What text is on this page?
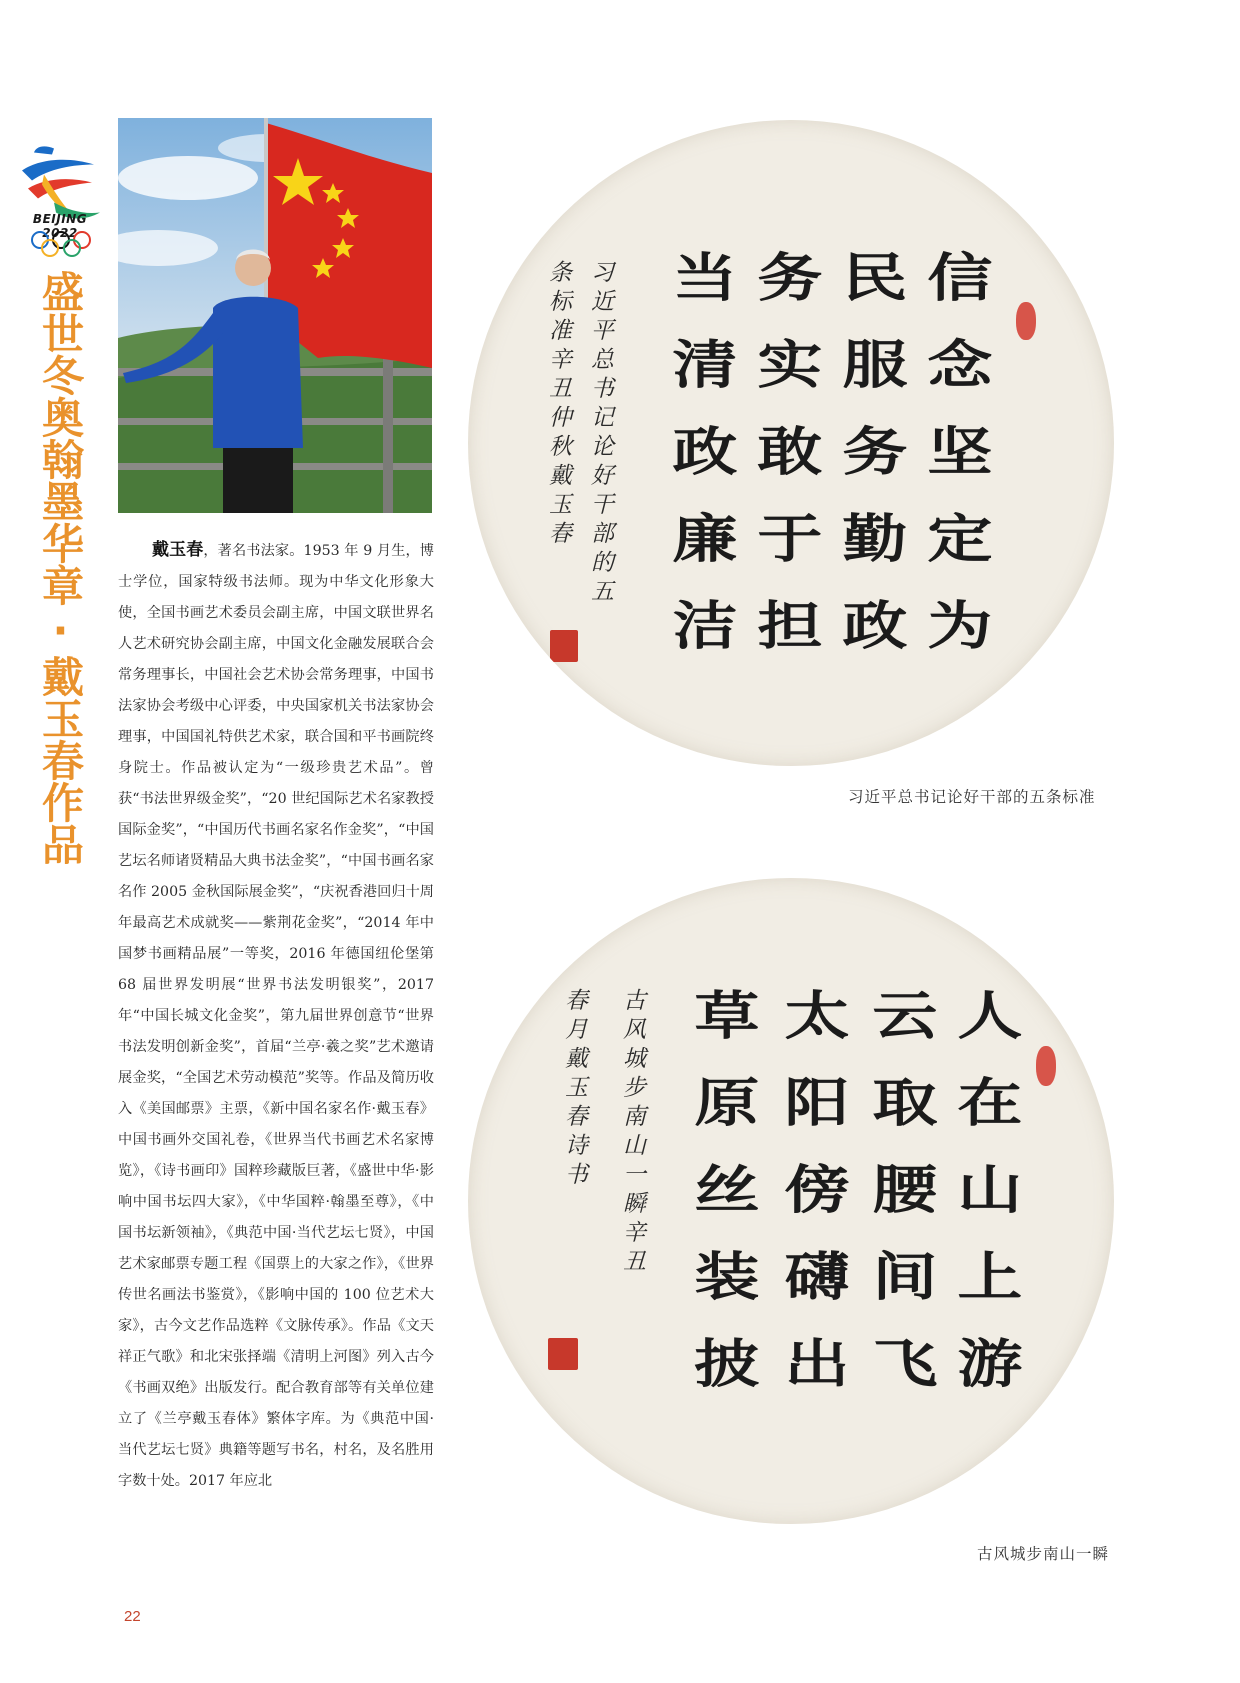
BEIJING 2022
盛世冬奥翰墨华章·戴玉春作品	戴玉春，著名书法家。1953 年 9 月生，博士学位，国家特级书法师。现为中华文化形象大使，全国书画艺术委员会副主席，中国文联世界名人艺术研究协会副主席，中国文化金融发展联合会常务理事长，中国社会艺术协会常务理事，中国书法家协会考级中心评委，中央国家机关书法家协会理事，中国国礼特供艺术家，联合国和平书画院终身院士。作品被认定为“一级珍贵艺术品”。曾获“书法世界级金奖”，“20 世纪国际艺术名家教授国际金奖”，“中国历代书画名家名作金奖”，“中国艺坛名师诸贤精品大典书法金奖”，“中国书画名家名作 2005 金秋国际展金奖”，“庆祝香港回归十周年最高艺术成就奖——紫荆花金奖”，“2014 年中国梦书画精品展”一等奖，2016 年德国纽伦堡第 68 届世界发明展“世界书法发明银奖”，2017 年“中国长城文化金奖”，第九届世界创意节“世界书法发明创新金奖”，首届“兰亭·羲之奖”艺术邀请展金奖，“全国艺术劳动模范”奖等。作品及简历收入《美国邮票》主票，《新中国名家名作·戴玉春》中国书画外交国礼卷，《世界当代书画艺术名家博览》，《诗书画印》国粹珍藏版巨著，《盛世中华·影响中国书坛四大家》，《中华国粹·翰墨至尊》，《中国书坛新领袖》，《典范中国·当代艺坛七贤》，中国艺术家邮票专题工程《国票上的大家之作》，《世界传世名画法书鉴赏》，《影响中国的 100 位艺术大家》，古今文艺作品选粹《文脉传承》。作品《文天祥正气歌》和北宋张择端《清明上河图》列入古今《书画双绝》出版发行。配合教育部等有关单位建立了《兰亭戴玉春体》繁体字库。为《典范中国·当代艺坛七贤》典籍等题写书名，村名，及名胜用字数十处。2017 年应北

22
信念坚定为
民服务勤政
务实敢于担
当清政廉洁
习近平总书记论好干部的五
条标准辛丑仲秋戴玉春
习近平总书记论好干部的五条标准
人在山上游
云取腰间飞
太阳傍礴出
草原丝装披
古风城步南山一瞬辛丑
春月戴玉春诗书
古风城步南山一瞬
